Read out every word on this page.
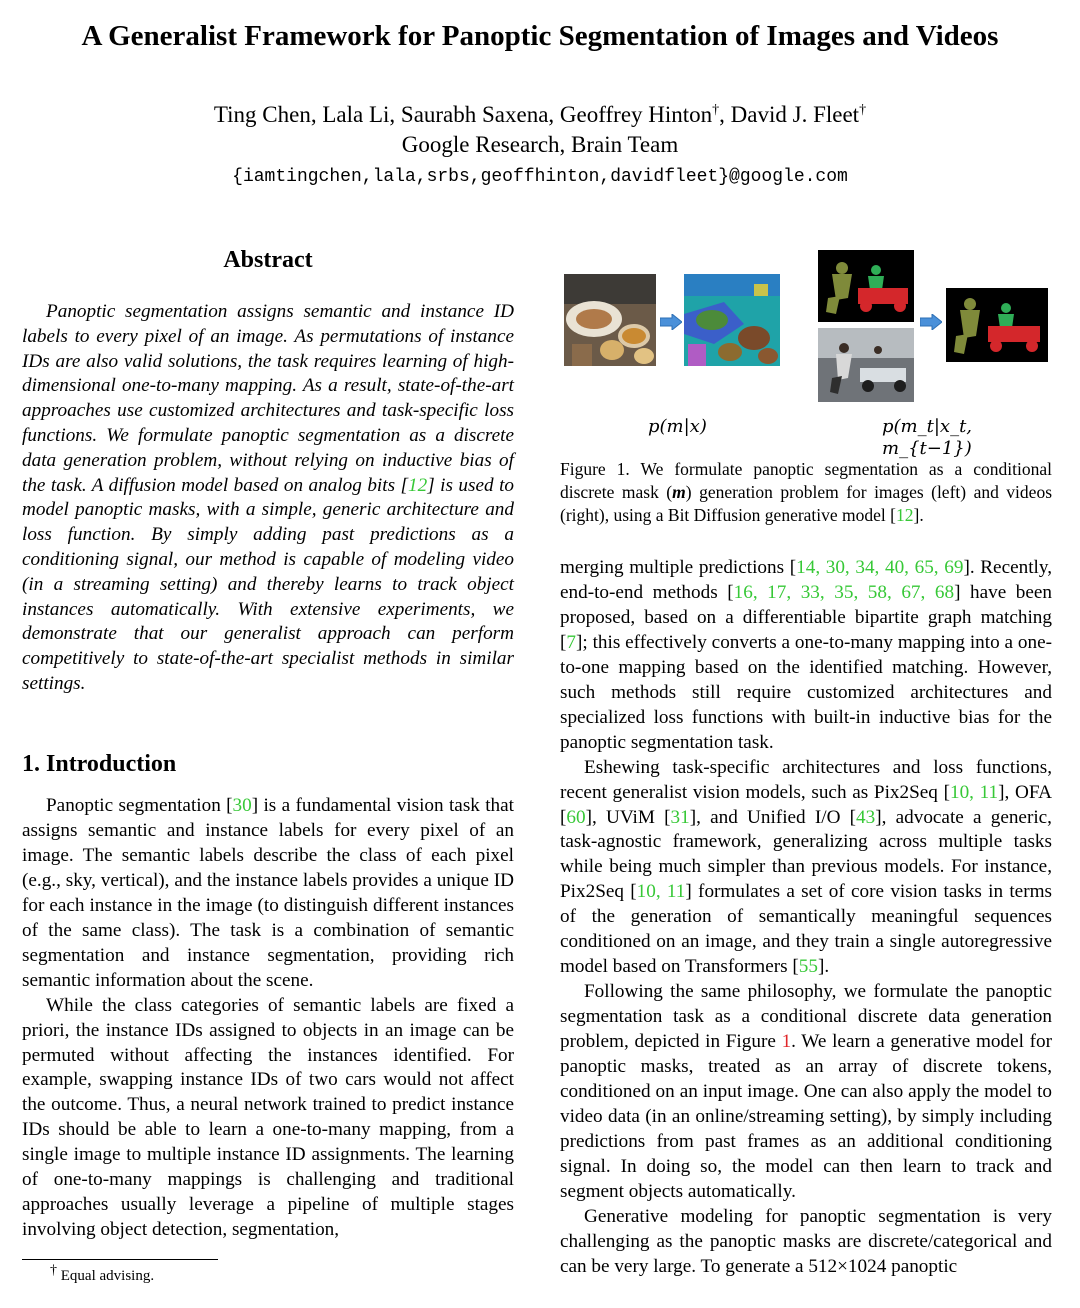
A Generalist Framework for Panoptic Segmentation of Images and Videos
Ting Chen, Lala Li, Saurabh Saxena, Geoffrey Hinton†, David J. Fleet†
Google Research, Brain Team
{iamtingchen,lala,srbs,geoffhinton,davidfleet}@google.com
Abstract
Panoptic segmentation assigns semantic and instance ID labels to every pixel of an image. As permutations of instance IDs are also valid solutions, the task requires learning of high-dimensional one-to-many mapping. As a result, state-of-the-art approaches use customized architectures and task-specific loss functions. We formulate panoptic segmentation as a discrete data generation problem, without relying on inductive bias of the task. A diffusion model based on analog bits [12] is used to model panoptic masks, with a simple, generic architecture and loss function. By simply adding past predictions as a conditioning signal, our method is capable of modeling video (in a streaming setting) and thereby learns to track object instances automatically. With extensive experiments, we demonstrate that our generalist approach can perform competitively to state-of-the-art specialist methods in similar settings.
1. Introduction

Panoptic segmentation [30] is a fundamental vision task that assigns semantic and instance labels for every pixel of an image. The semantic labels describe the class of each pixel (e.g., sky, vertical), and the instance labels provides a unique ID for each instance in the image (to distinguish different instances of the same class). The task is a combination of semantic segmentation and instance segmentation, providing rich semantic information about the scene.

While the class categories of semantic labels are fixed a priori, the instance IDs assigned to objects in an image can be permuted without affecting the instances identified. For example, swapping instance IDs of two cars would not affect the outcome. Thus, a neural network trained to predict instance IDs should be able to learn a one-to-many mapping, from a single image to multiple instance ID assignments. The learning of one-to-many mappings is challenging and traditional approaches usually leverage a pipeline of multiple stages involving object detection, segmentation,

† Equal advising.
p(m|x)	p(m_t|x_t, m_{t−1})
Figure 1. We formulate panoptic segmentation as a conditional discrete mask (m) generation problem for images (left) and videos (right), using a Bit Diffusion generative model [12].

merging multiple predictions [14, 30, 34, 40, 65, 69]. Recently, end-to-end methods [16, 17, 33, 35, 58, 67, 68] have been proposed, based on a differentiable bipartite graph matching [7]; this effectively converts a one-to-many mapping into a one-to-one mapping based on the identified matching. However, such methods still require customized architectures and specialized loss functions with built-in inductive bias for the panoptic segmentation task.

Eshewing task-specific architectures and loss functions, recent generalist vision models, such as Pix2Seq [10, 11], OFA [60], UViM [31], and Unified I/O [43], advocate a generic, task-agnostic framework, generalizing across multiple tasks while being much simpler than previous models. For instance, Pix2Seq [10, 11] formulates a set of core vision tasks in terms of the generation of semantically meaningful sequences conditioned on an image, and they train a single autoregressive model based on Transformers [55].

Following the same philosophy, we formulate the panoptic segmentation task as a conditional discrete data generation problem, depicted in Figure 1. We learn a generative model for panoptic masks, treated as an array of discrete tokens, conditioned on an input image. One can also apply the model to video data (in an online/streaming setting), by simply including predictions from past frames as an additional conditioning signal. In doing so, the model can then learn to track and segment objects automatically.

Generative modeling for panoptic segmentation is very challenging as the panoptic masks are discrete/categorical and can be very large. To generate a 512×1024 panoptic
